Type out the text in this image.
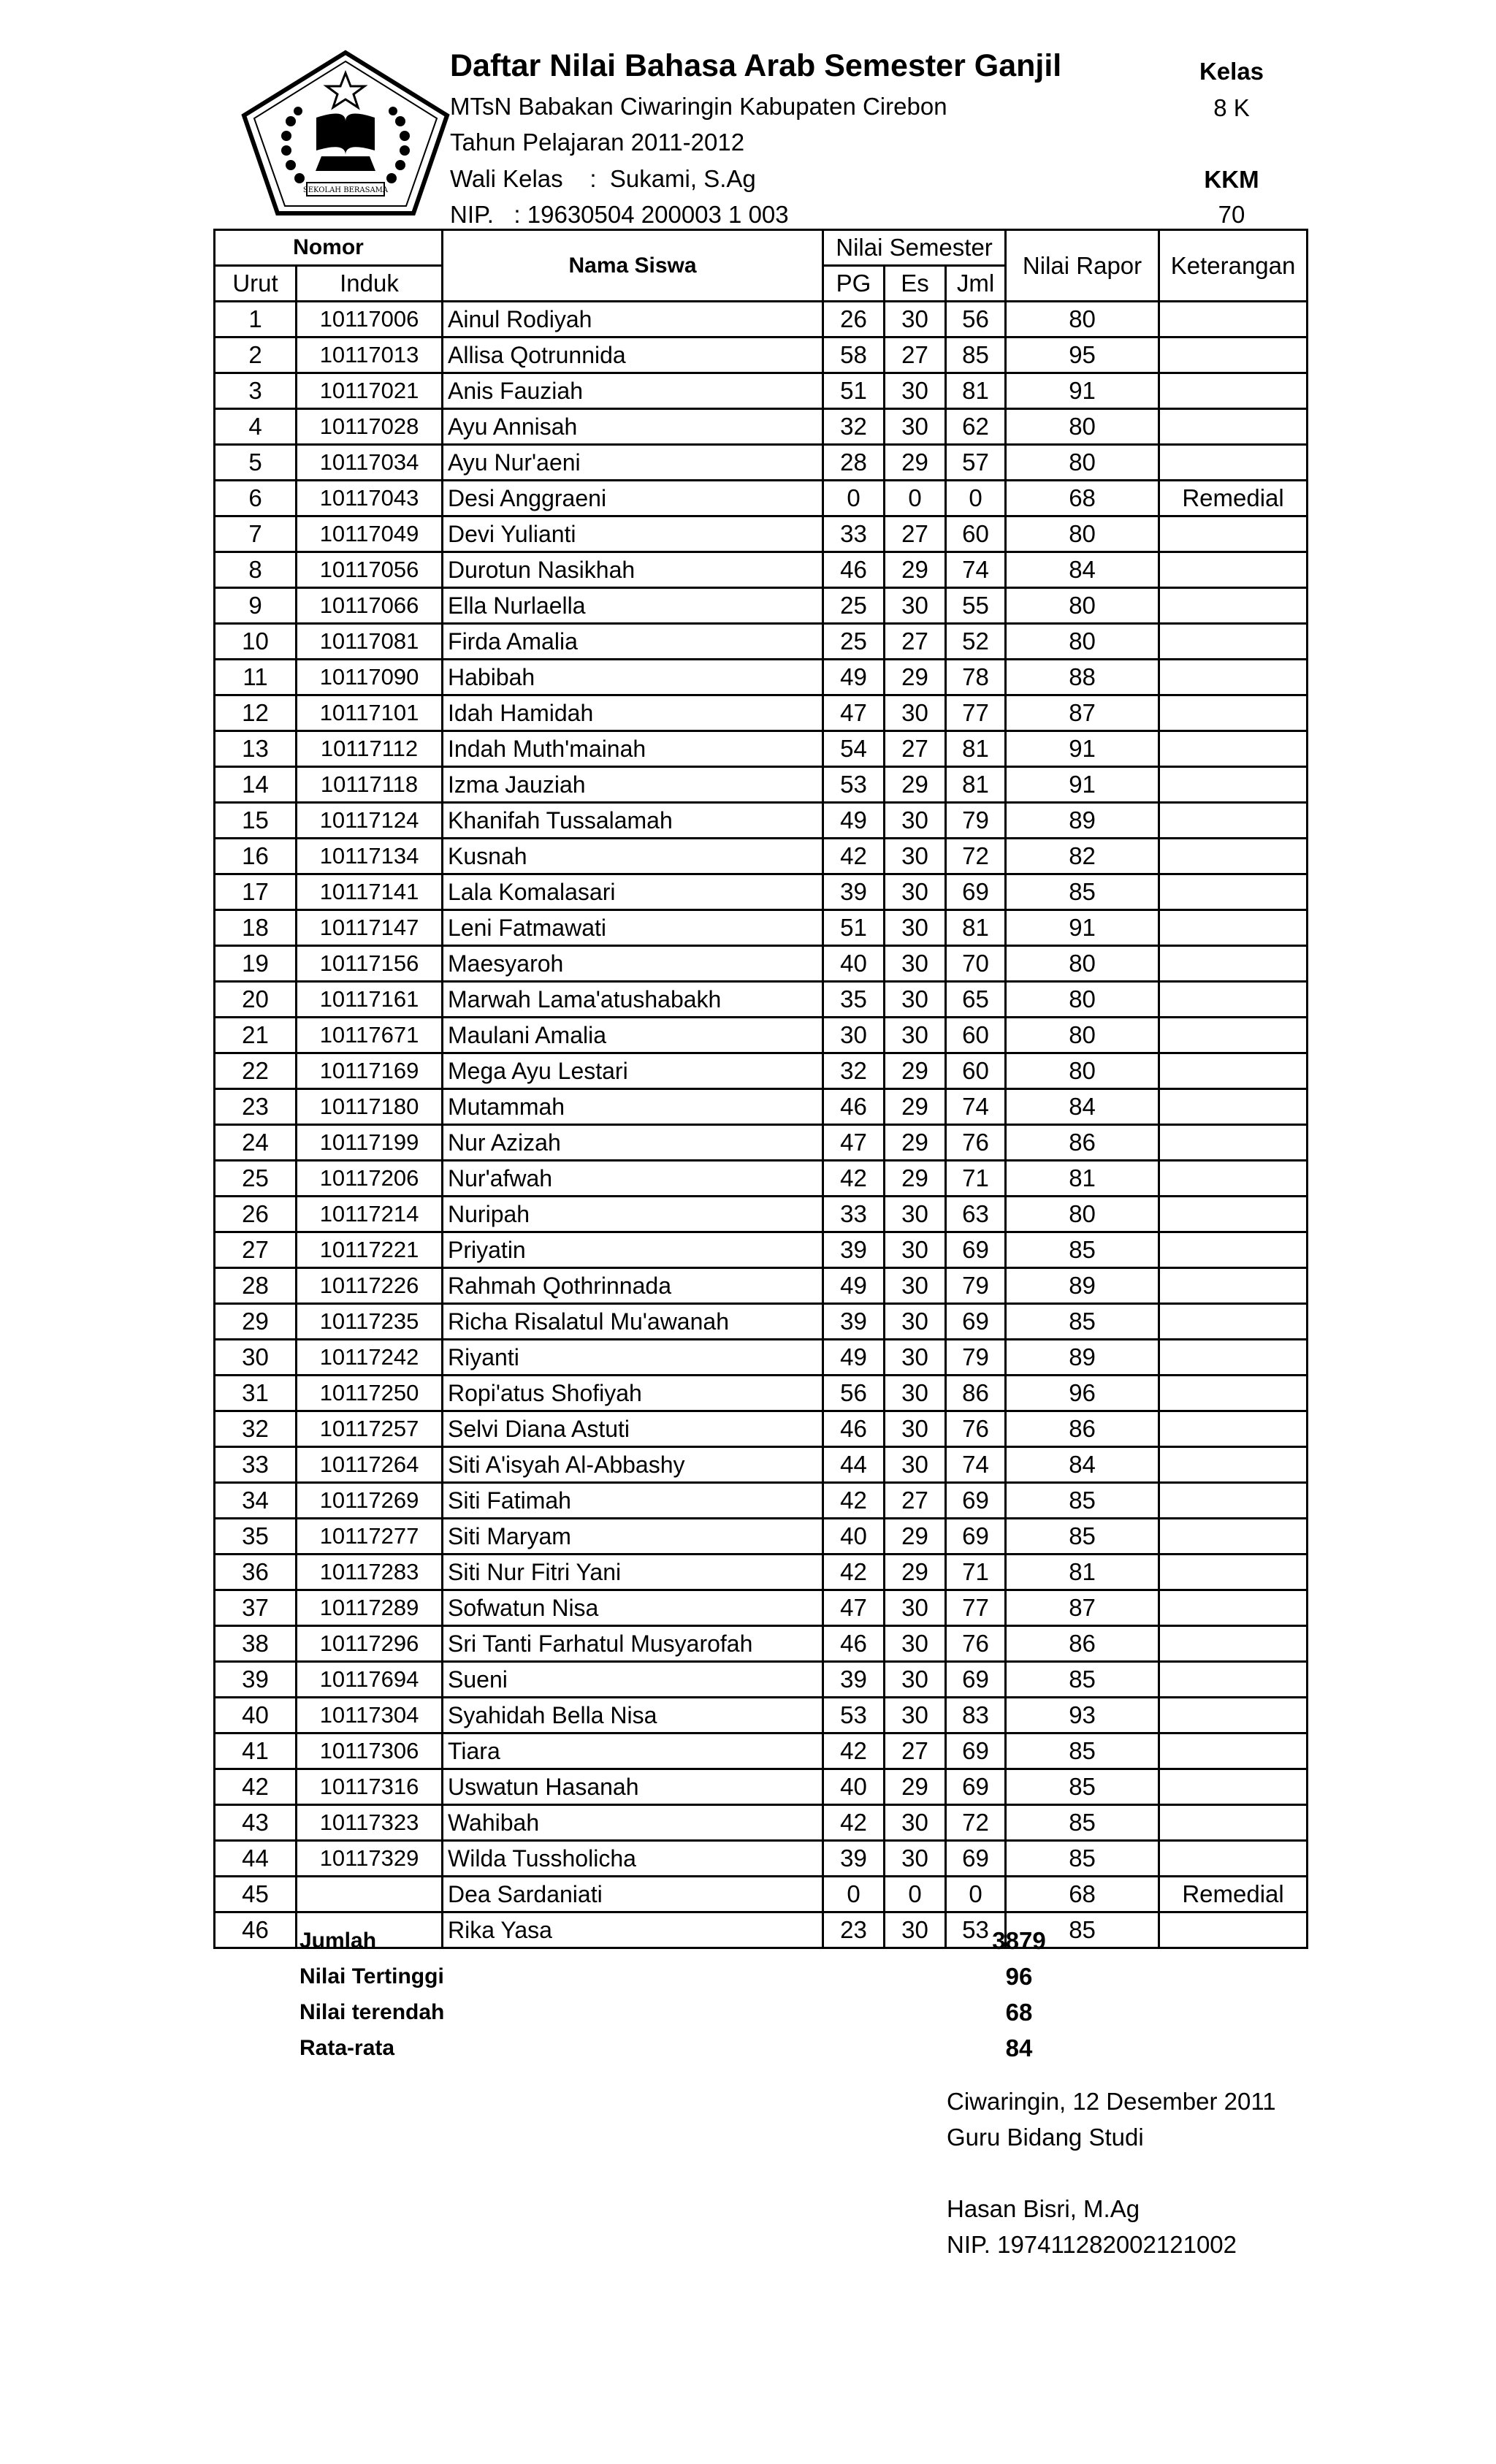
SEKOLAH BERASAMA
Daftar Nilai Bahasa Arab Semester Ganjil
MTsN Babakan Ciwaringin Kabupaten Cirebon
Tahun Pelajaran 2011-2012
Wali Kelas    :  Sukami, S.Ag
NIP.   : 19630504 200003 1 003
Kelas
8 K
KKM
70
Nomor		Nama Siswa	Nilai Semester			Nilai Rapor	Keterangan
Urut	Induk		PG	Es	Jml		
1	10117006	Ainul Rodiyah	26	30	56	80	
2	10117013	Allisa Qotrunnida	58	27	85	95	
3	10117021	Anis Fauziah	51	30	81	91	
4	10117028	Ayu Annisah	32	30	62	80	
5	10117034	Ayu Nur'aeni	28	29	57	80	
6	10117043	Desi Anggraeni	0	0	0	68	Remedial
7	10117049	Devi Yulianti	33	27	60	80	
8	10117056	Durotun Nasikhah	46	29	74	84	
9	10117066	Ella Nurlaella	25	30	55	80	
10	10117081	Firda Amalia	25	27	52	80	
11	10117090	Habibah	49	29	78	88	
12	10117101	Idah Hamidah	47	30	77	87	
13	10117112	Indah Muth'mainah	54	27	81	91	
14	10117118	Izma Jauziah	53	29	81	91	
15	10117124	Khanifah Tussalamah	49	30	79	89	
16	10117134	Kusnah	42	30	72	82	
17	10117141	Lala Komalasari	39	30	69	85	
18	10117147	Leni Fatmawati	51	30	81	91	
19	10117156	Maesyaroh	40	30	70	80	
20	10117161	Marwah Lama'atushabakh	35	30	65	80	
21	10117671	Maulani Amalia	30	30	60	80	
22	10117169	Mega Ayu Lestari	32	29	60	80	
23	10117180	Mutammah	46	29	74	84	
24	10117199	Nur Azizah	47	29	76	86	
25	10117206	Nur'afwah	42	29	71	81	
26	10117214	Nuripah	33	30	63	80	
27	10117221	Priyatin	39	30	69	85	
28	10117226	Rahmah Qothrinnada	49	30	79	89	
29	10117235	Richa Risalatul Mu'awanah	39	30	69	85	
30	10117242	Riyanti	49	30	79	89	
31	10117250	Ropi'atus Shofiyah	56	30	86	96	
32	10117257	Selvi Diana Astuti	46	30	76	86	
33	10117264	Siti A'isyah Al-Abbashy	44	30	74	84	
34	10117269	Siti Fatimah	42	27	69	85	
35	10117277	Siti Maryam	40	29	69	85	
36	10117283	Siti Nur Fitri Yani	42	29	71	81	
37	10117289	Sofwatun Nisa	47	30	77	87	
38	10117296	Sri Tanti Farhatul Musyarofah	46	30	76	86	
39	10117694	Sueni	39	30	69	85	
40	10117304	Syahidah Bella Nisa	53	30	83	93	
41	10117306	Tiara	42	27	69	85	
42	10117316	Uswatun Hasanah	40	29	69	85	
43	10117323	Wahibah	42	30	72	85	
44	10117329	Wilda Tussholicha	39	30	69	85	
45		Dea Sardaniati	0	0	0	68	Remedial
46		Rika Yasa	23	30	53	85	
Jumlah	3879
Nilai Tertinggi	96
Nilai terendah	68
Rata-rata	84
Ciwaringin, 12 Desember 2011
Guru Bidang Studi
Hasan Bisri, M.Ag
NIP. 197411282002121002
